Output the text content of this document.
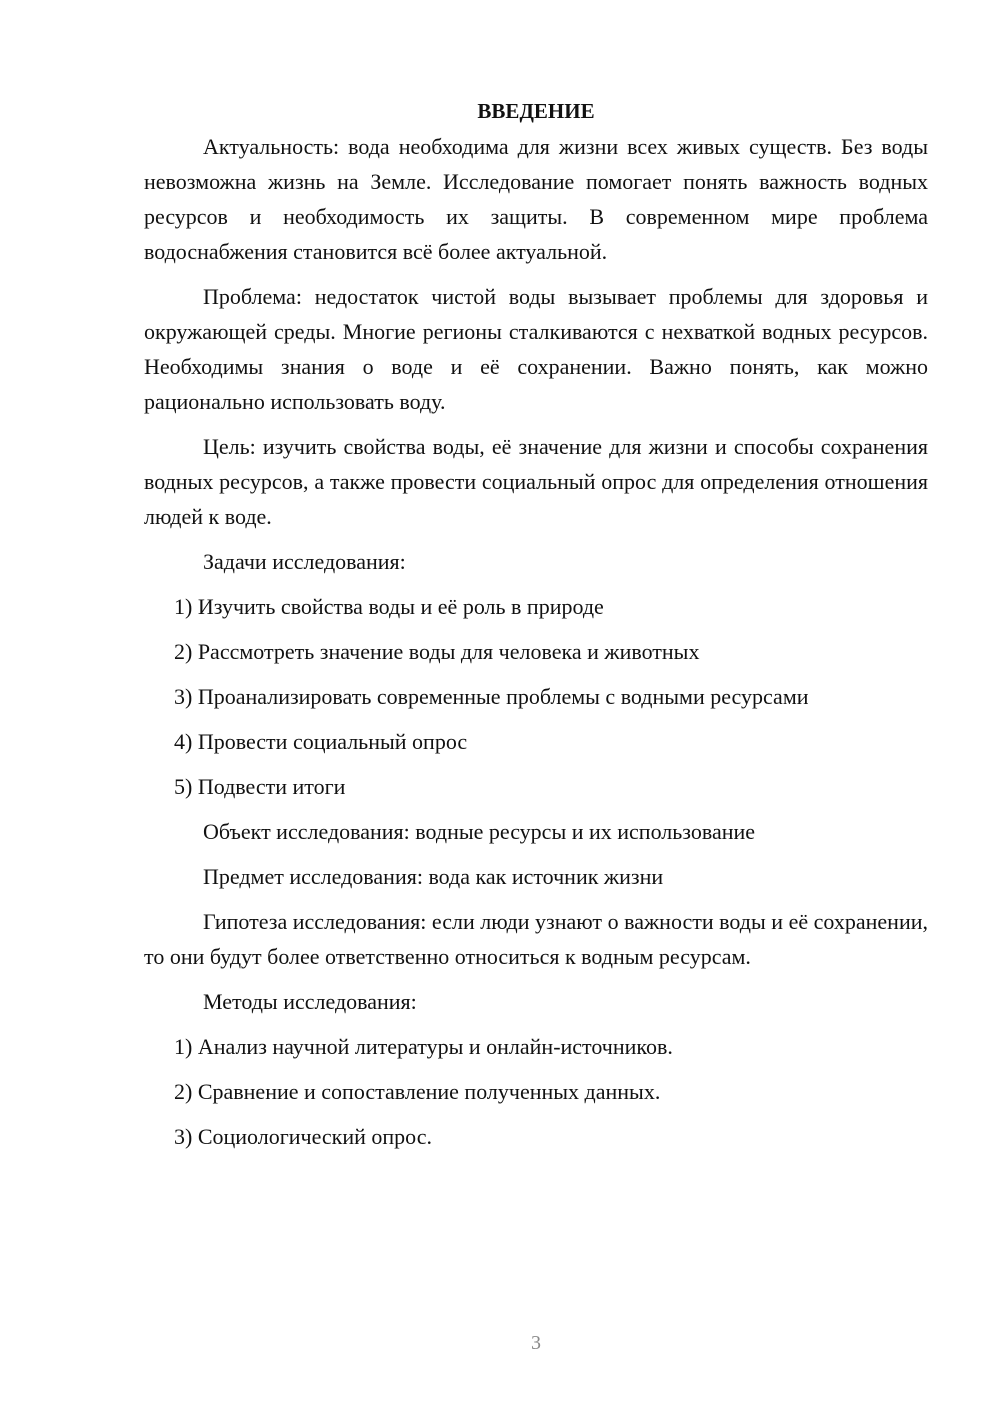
ВВЕДЕНИЕ

Актуальность: вода необходима для жизни всех живых существ. Без воды невозможна жизнь на Земле. Исследование помогает понять важность водных ресурсов и необходимость их защиты. В современном мире проблема водоснабжения становится всё более актуальной.

Проблема: недостаток чистой воды вызывает проблемы для здоровья и окружающей среды. Многие регионы сталкиваются с нехваткой водных ресурсов. Необходимы знания о воде и её сохранении. Важно понять, как можно рационально использовать воду.

Цель: изучить свойства воды, её значение для жизни и способы сохранения водных ресурсов, а также провести социальный опрос для определения отношения людей к воде.

Задачи исследования:

1) Изучить свойства воды и её роль в природе
2) Рассмотреть значение воды для человека и животных
3) Проанализировать современные проблемы с водными ресурсами
4) Провести социальный опрос
5) Подвести итоги

Объект исследования: водные ресурсы и их использование

Предмет исследования: вода как источник жизни

Гипотеза исследования: если люди узнают о важности воды и её сохранении, то они будут более ответственно относиться к водным ресурсам.

Методы исследования:

1) Анализ научной литературы и онлайн-источников.
2) Сравнение и сопоставление полученных данных.
3) Социологический опрос.
3
